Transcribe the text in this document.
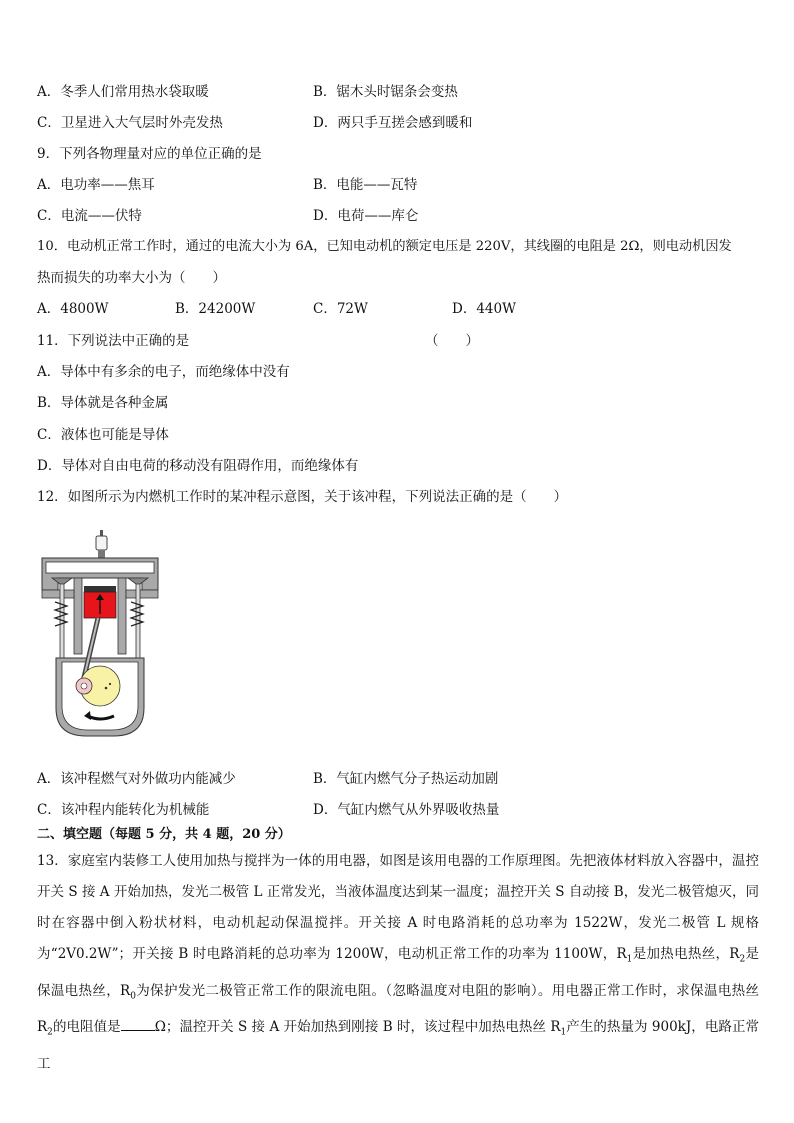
A．冬季人们常用热水袋取暖	B．锯木头时锯条会变热
C．卫星进入大气层时外壳发热	D．两只手互搓会感到暖和
9．下列各物理量对应的单位正确的是
A．电功率——焦耳	B．电能——瓦特
C．电流——伏特	D．电荷——库仑
10．电动机正常工作时，通过的电流大小为 6A，已知电动机的额定电压是 220V，其线圈的电阻是 2Ω，则电动机因发
热而损失的功率大小为（　　）
A．4800W	B．24200W	C．72W	D．440W
11．下列说法中正确的是	（　　）
A．导体中有多余的电子，而绝缘体中没有
B．导体就是各种金属
C．液体也可能是导体
D．导体对自由电荷的移动没有阻碍作用，而绝缘体有
12．如图所示为内燃机工作时的某冲程示意图，关于该冲程，下列说法正确的是（　　）
A．该冲程燃气对外做功内能减少	B．气缸内燃气分子热运动加剧
C．该冲程内能转化为机械能	D．气缸内燃气从外界吸收热量
二、填空题（每题 5 分，共 4 题，20 分）
13．家庭室内装修工人使用加热与搅拌为一体的用电器，如图是该用电器的工作原理图。先把液体材料放入容器中，温控开关 S 接 A 开始加热，发光二极管 L 正常发光，当液体温度达到某一温度；温控开关 S 自动接 B，发光二极管熄灭，同时在容器中倒入粉状材料，电动机起动保温搅拌。开关接 A 时电路消耗的总功率为 1522W，发光二极管 L 规格为“2V0.2W”；开关接 B 时电路消耗的总功率为 1200W，电动机正常工作的功率为 1100W，$R_1$是加热电热丝，$R_2$是保温电热丝，$R_0$为保护发光二极管正常工作的限流电阻。（忽略温度对电阻的影响）。用电器正常工作时，求保温电热丝 $R_2$的电阻值是	Ω；温控开关 S 接 A 开始加热到刚接 B 时，该过程中加热电热丝 $R_1$产生的热量为 900kJ，电路正常工
